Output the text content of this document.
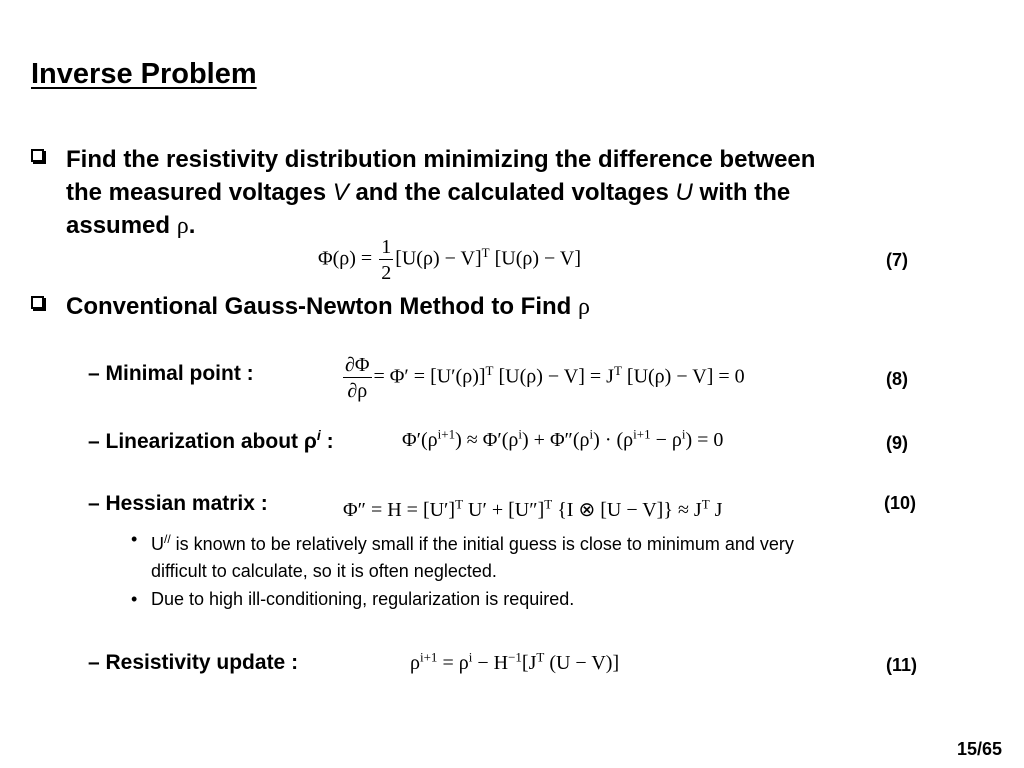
Inverse Problem
Find the resistivity distribution minimizing the difference between
the measured voltages V and the calculated voltages U with the
assumed ρ.
$\Phi(\rho) = \frac{1}{2} [U(\rho) - V]^T$ [U(ρ) − V]	(7)
Conventional Gauss-Newton Method to Find ρ
– Minimal point :	$\frac{\partial\Phi}{\partial\rho} = \Phi' = [U'(\rho)]^T$ $[U(\rho) - V] = J^T$ [U(ρ) − V] = 0	(8)
– Linearization about $\rho^i$ :	$\Phi'(\rho^{i+1}) \approx \Phi'(\rho^i) + \Phi''(\rho^i) \cdot (\rho^{i+1} - \rho^i) = 0$	(9)
– Hessian matrix :	$\Phi'' = H = [U']^T$ $U' + [U'']^T$ {I ⊗ $[U - V]\} \approx J^T$ J	(10)
• U// is known to be relatively small if the initial guess is close to minimum and very
difficult to calculate, so it is often neglected.
• Due to high ill-conditioning, regularization is required.
– Resistivity update :	$\rho^{i+1} = \rho^i - H^{-1}[J^T$ (U − V)]	(11)
15/65
